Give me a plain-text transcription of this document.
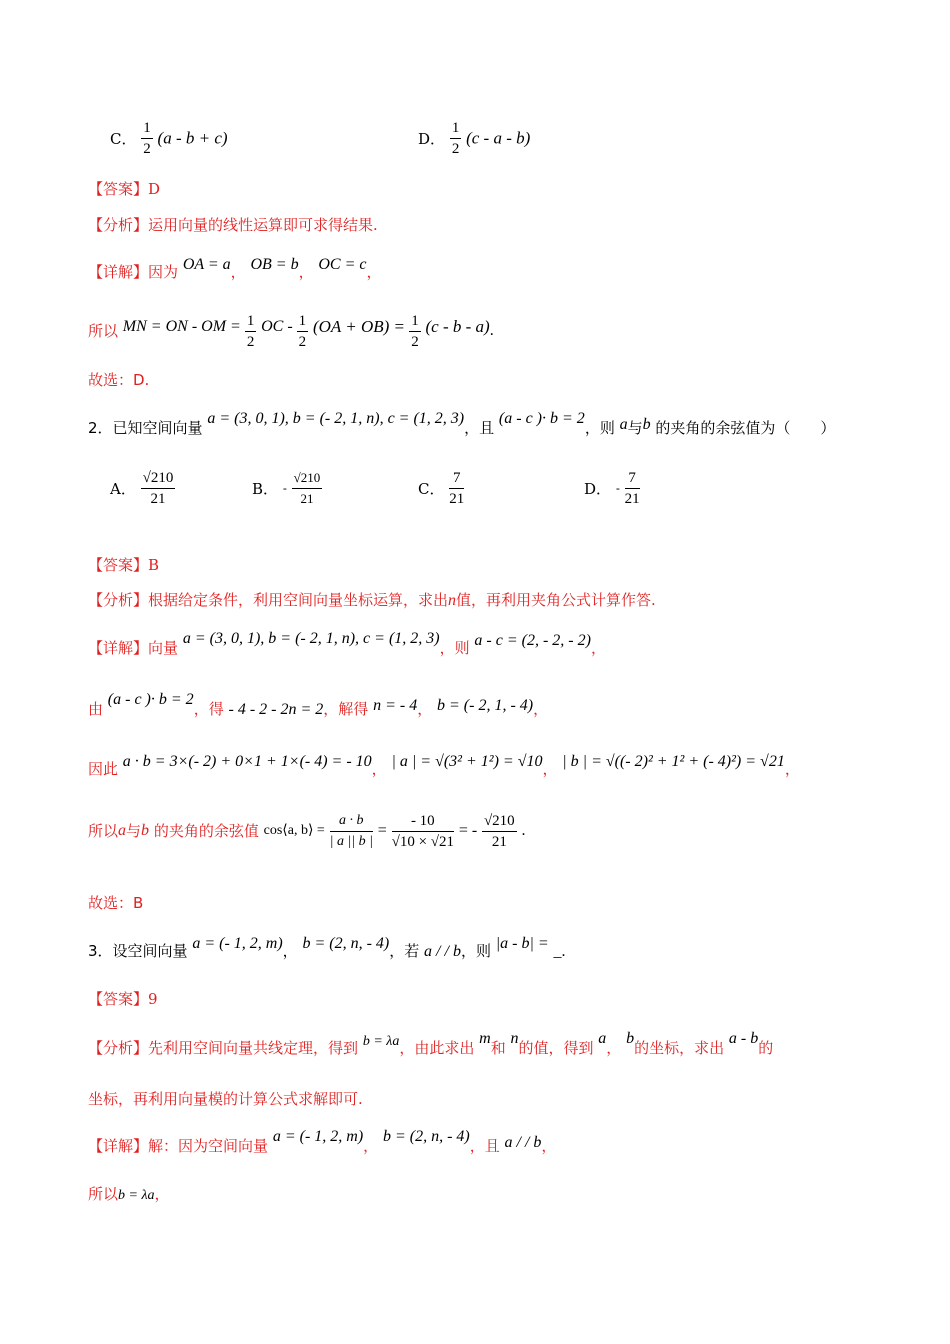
C． $\frac{1}{2} (a - b + c)$	D． $\frac{1}{2} (c$ - a - b)
【答案】D
【分析】运用向量的线性运算即可求得结果.
【详解】因为 OA = a， OB = b， OC = c，
所以 MN = ON - OM = $\frac{1}{2}$ OC - $\frac{1}{2} (OA + OB) = \frac{1}{2} (c - b - a)$.
故选：D.
2．已知空间向量 a = (3, 0, 1), b = (- 2, 1, n), c = (1, 2, 3)，且 (a - c )· b = 2，则 a与b 的夹角的余弦值为（　　）
A． $\frac{√210}{21}$	B． - $\frac{√210}{21}$	C． $\frac{7}{21}$	D． - $\frac{7}{21}$
【答案】B
【分析】根据给定条件，利用空间向量坐标运算，求出n值，再利用夹角公式计算作答.
【详解】向量 a = (3, 0, 1), b = (- 2, 1, n), c = (1, 2, 3)，则 a - c = (2, - 2, - 2)，
由 (a - c )· b = 2，得 - 4 - 2 - 2n = 2，解得 n = - 4， b = (- 2, 1, - 4)，
因此 a · b = 3×(- 2) + 0×1 + 1×(- 4) = - 10， | a | = √(3² + 1²) = √10， | b | = √((- 2)² + 1² + (- 4)²) = √21，
所以a与b 的夹角的余弦值 cos⟨a, b⟩ = $\frac{a \cdot b}{| a || b |} = \frac{- 10}{√10 \times √21}$ = - $\frac{√210}{21}$ .
故选：B
3．设空间向量 a = (- 1, 2, m)， b = (2, n, - 4)，若 a / / b，则 |a - b| = _.
【答案】9
【分析】先利用空间向量共线定理，得到 b = λa，由此求出 m和 n的值，得到 a， b的坐标，求出 a - b的
坐标，再利用向量模的计算公式求解即可.
【详解】解：因为空间向量 a = (- 1, 2, m)， b = (2, n, - 4)，且 a / / b，
所以b = λa，
